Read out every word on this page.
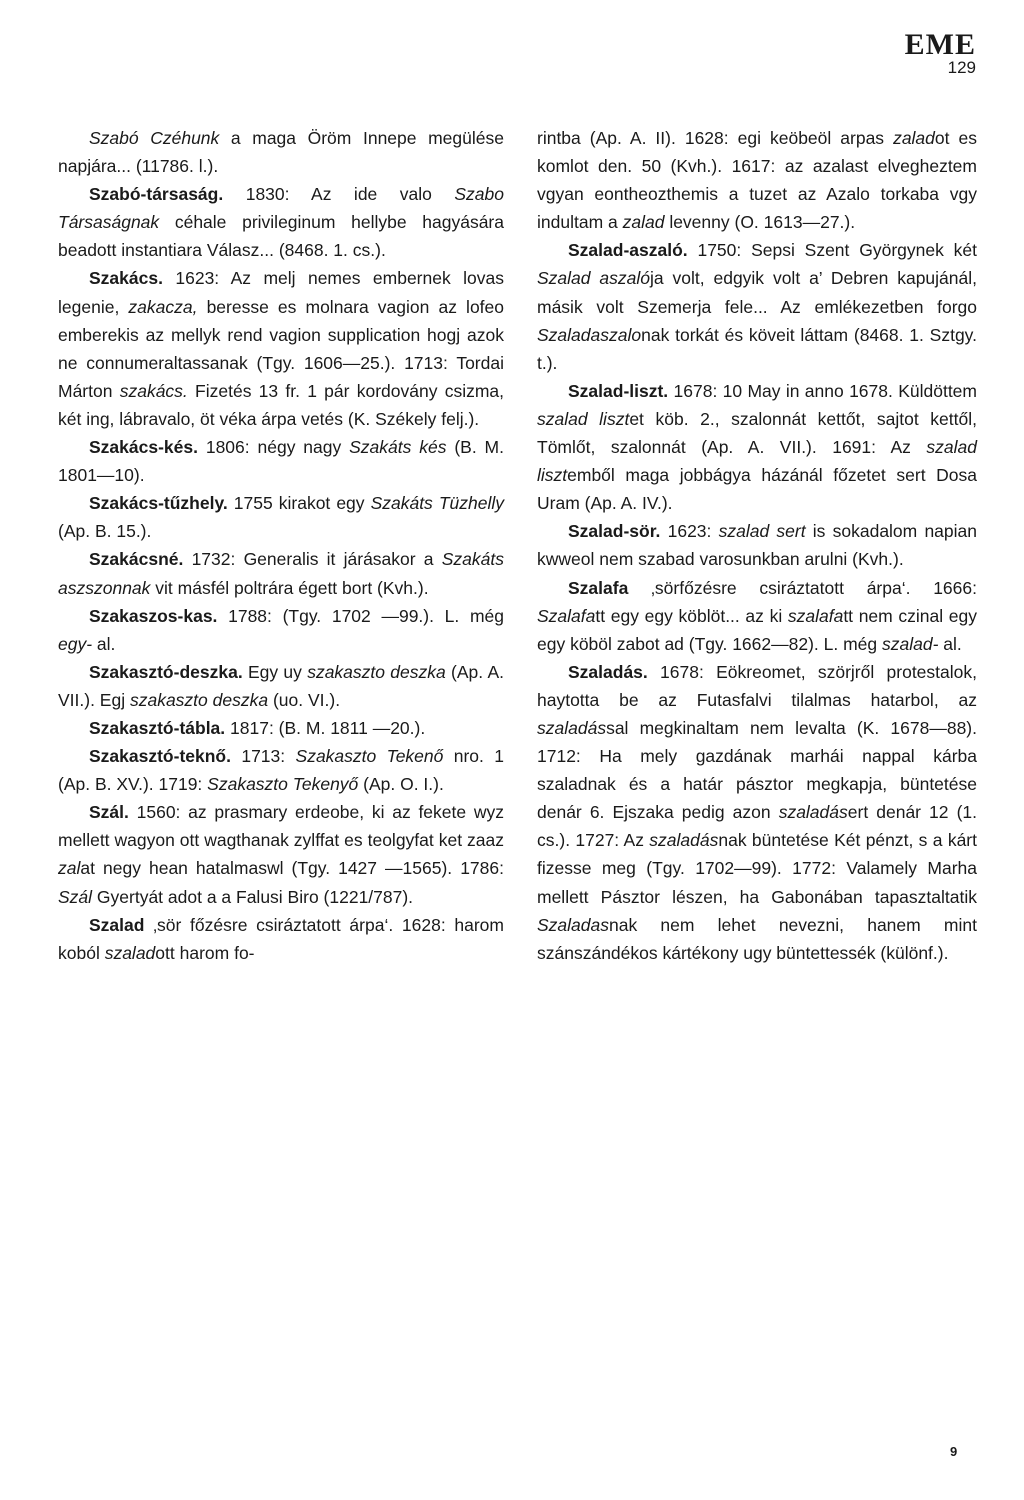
EME
129

Szabó Czéhunk a maga Öröm Innepe megülése napjára... (11786. l.).

Szabó-társaság. 1830: Az ide valo Szabo Társaságnak céhale privileginum hellybe hagyására beadott instantiara Válasz... (8468. 1. cs.).

Szakács. 1623: Az melj nemes embernek lovas legenie, zakacza, beresse es molnara vagion az lofeo emberekis az mellyk rend vagion supplication hogj azok ne connumeraltassanak (Tgy. 1606—25.). 1713: Tordai Márton szakács. Fizetés 13 fr. 1 pár kordovány csizma, két ing, lábravalo, öt véka árpa vetés (K. Székely felj.).

Szakács-kés. 1806: négy nagy Szakáts kés (B. M. 1801—10).

Szakács-tűzhely. 1755 kirakot egy Szakáts Tüzhelly (Ap. B. 15.).

Szakácsné. 1732: Generalis it járásakor a Szakáts aszszonnak vit másfél poltrára égett bort (Kvh.).

Szakaszos-kas. 1788: (Tgy. 1702 —99.). L. még egy- al.

Szakasztó-deszka. Egy uy szakaszto deszka (Ap. A. VII.). Egj szakaszto deszka (uo. VI.).

Szakasztó-tábla. 1817: (B. M. 1811 —20.).

Szakasztó-teknő. 1713: Szakaszto Tekenő nro. 1 (Ap. B. XV.). 1719: Szakaszto Tekenyő (Ap. O. I.).

Szál. 1560: az prasmary erdeobe, ki az fekete wyz mellett wagyon ott wagthanak zylffat es teolgyfat ket zaaz zalat negy hean hatalmaswl (Tgy. 1427 —1565). 1786: Szál Gyertyát adot a a Falusi Biro (1221/787).

Szalad ‚sör főzésre csiráztatott árpa‘. 1628: harom koból szaladott harom fo-

rintba (Ap. A. II). 1628: egi keöbeöl arpas zaladot es komlot den. 50 (Kvh.). 1617: az azalast elvegheztem vgyan eontheozthemis a tuzet az Azalo torkaba vgy indultam a zalad levenny (O. 1613—27.).

Szalad-aszaló. 1750: Sepsi Szent Györgynek két Szalad aszalója volt, edgyik volt a’ Debren kapujánál, másik volt Szemerja fele... Az emlékezetben forgo Szaladaszalonak torkát és köveit láttam (8468. 1. Sztgy. t.).

Szalad-liszt. 1678: 10 May in anno 1678. Küldöttem szalad lisztet köb. 2., szalonnát kettőt, sajtot kettől, Tömlőt, szalonnát (Ap. A. VII.). 1691: Az szalad lisztemből maga jobbágya házánál főzetet sert Dosa Uram (Ap. A. IV.).

Szalad-sör. 1623: szalad sert is sokadalom napian kwweol nem szabad varosunkban arulni (Kvh.).

Szalafa ‚sörfőzésre csiráztatott árpa‘. 1666: Szalafatt egy egy köblöt... az ki szalafatt nem czinal egy egy köböl zabot ad (Tgy. 1662—82). L. még szalad- al.

Szaladás. 1678: Eökreomet, szörjről protestalok, haytotta be az Futasfalvi tilalmas hatarbol, az szaladással megkinaltam nem levalta (K. 1678—88). 1712: Ha mely gazdának marhái nappal kárba szaladnak és a határ pásztor megkapja, büntetése denár 6. Ejszaka pedig azon szaladásert denár 12 (1. cs.). 1727: Az szaladásnak büntetése Két pénzt, s a kárt fizesse meg (Tgy. 1702—99). 1772: Valamely Marha mellett Pásztor lészen, ha Gabonában tapasztaltatik Szaladasnak nem lehet nevezni, hanem mint szánszándékos kártékony ugy büntettessék (különf.).

9
